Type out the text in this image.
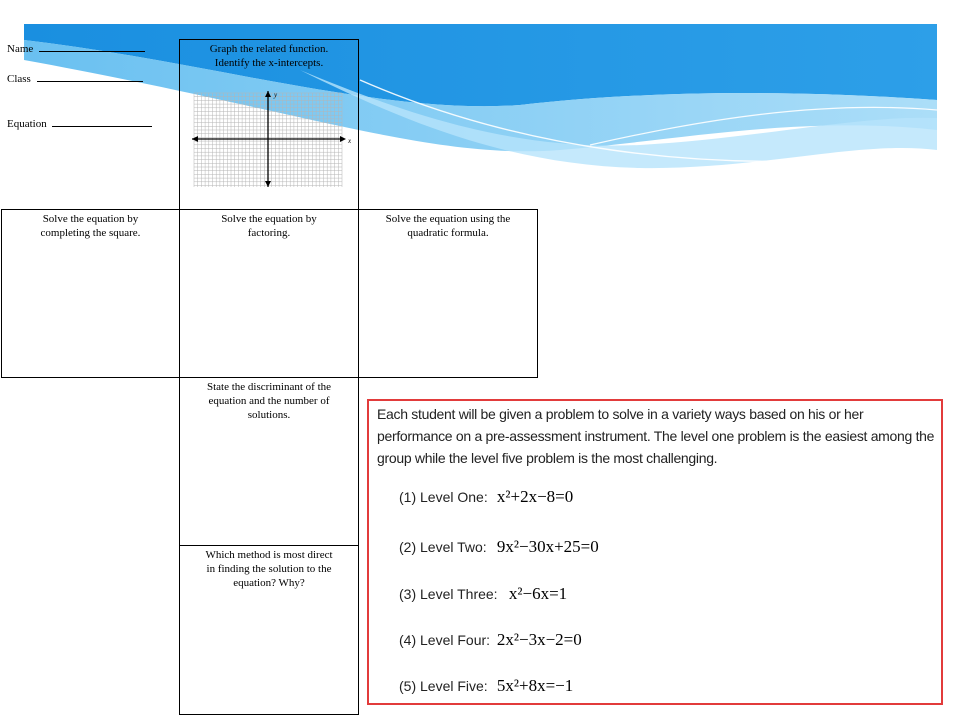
Name
Class
Equation
Graph the related function.
Identify the x-intercepts.
y
x
Solve the equation by
completing the square.
Solve the equation by
factoring.
Solve the equation using the
quadratic formula.
State the discriminant of the
equation and the number of
solutions.
Which method is most direct
in finding the solution to the
equation? Why?
Each student will be given a problem to solve in a variety ways based on his or her performance on a pre-assessment instrument. The level one problem is the easiest among the group while the level five problem is the most challenging.
(1) Level One: x²+2x−8=0
(2) Level Two: 9x²−30x+25=0
(3) Level Three: x²−6x=1
(4) Level Four: 2x²−3x−2=0
(5) Level Five: 5x²+8x=−1
